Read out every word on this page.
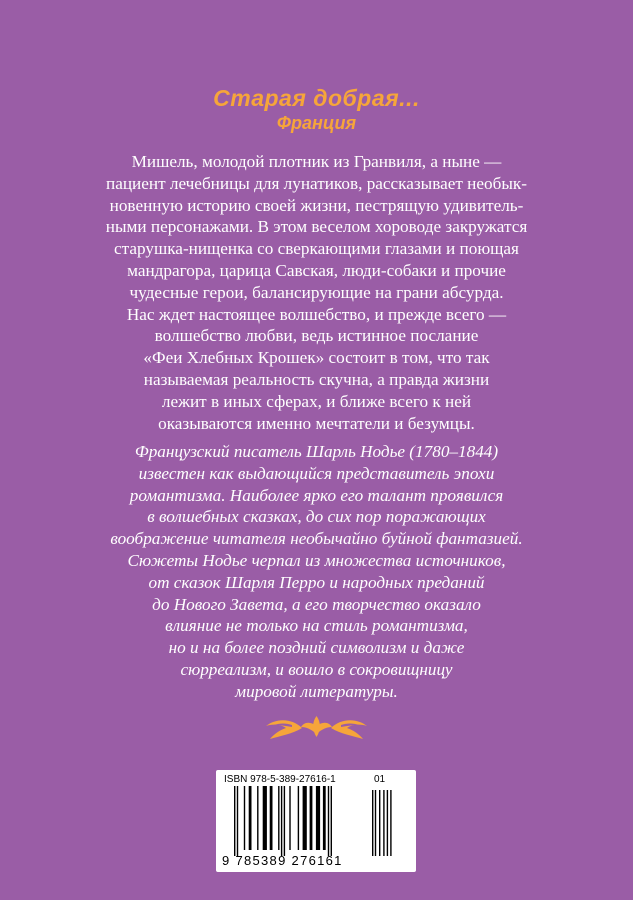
Старая добрая...
Франция
Мишель, молодой плотник из Гранвиля, а ныне —
пациент лечебницы для лунатиков, рассказывает необык-
новенную историю своей жизни, пестрящую удивитель-
ными персонажами. В этом веселом хороводе закружатся
старушка-нищенка со сверкающими глазами и поющая
мандрагора, царица Савская, люди-собаки и прочие
чудесные герои, балансирующие на грани абсурда.
Нас ждет настоящее волшебство, и прежде всего —
волшебство любви, ведь истинное послание
«Феи Хлебных Крошек» состоит в том, что так
называемая реальность скучна, а правда жизни
лежит в иных сферах, и ближе всего к ней
оказываются именно мечтатели и безумцы.
Французский писатель Шарль Нодье (1780–1844)
известен как выдающийся представитель эпохи
романтизма. Наиболее ярко его талант проявился
в волшебных сказках, до сих пор поражающих
воображение читателя необычайно буйной фантазией.
Сюжеты Нодье черпал из множества источников,
от сказок Шарля Перро и народных преданий
до Нового Завета, а его творчество оказало
влияние не только на стиль романтизма,
но и на более поздний символизм и даже
сюрреализм, и вошло в сокровищницу
мировой литературы.
ISBN 978-5-389-27616-1	01
9 785389 276161
